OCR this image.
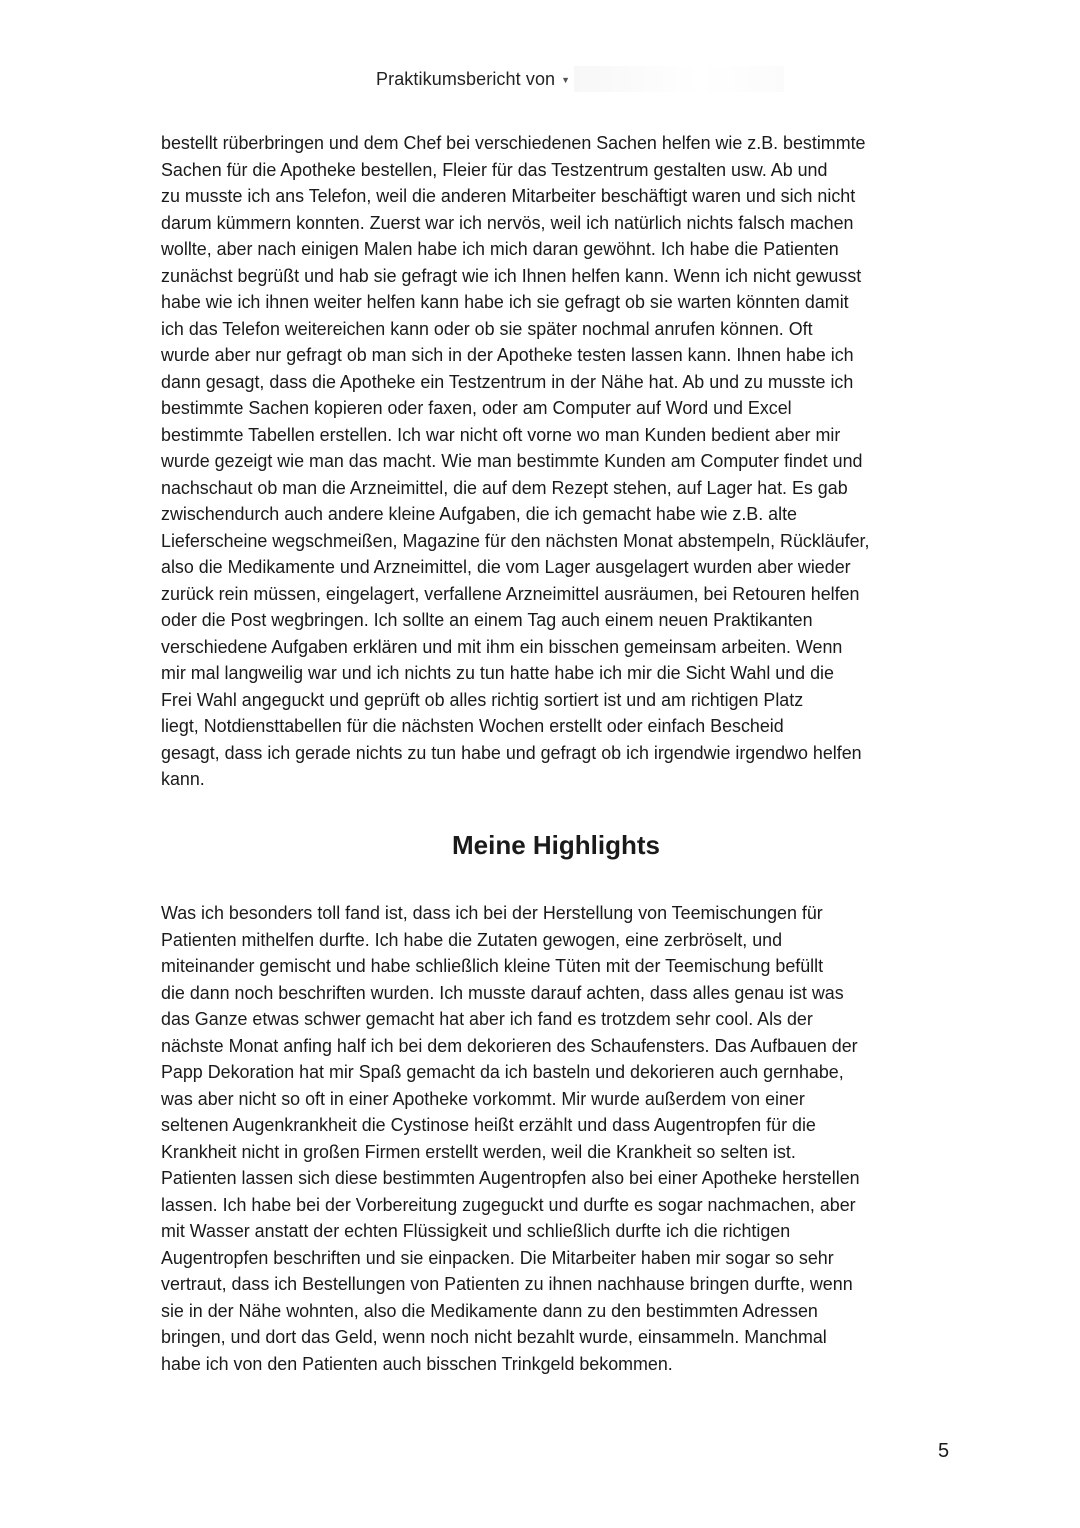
Praktikumsbericht von ▼
bestellt rüberbringen und dem Chef bei verschiedenen Sachen helfen wie z.B. bestimmte
Sachen für die Apotheke bestellen, Fleier für das Testzentrum gestalten usw. Ab und
zu musste ich ans Telefon, weil die anderen Mitarbeiter beschäftigt waren und sich nicht
darum kümmern konnten. Zuerst war ich nervös, weil ich natürlich nichts falsch machen
wollte, aber nach einigen Malen habe ich mich daran gewöhnt. Ich habe die Patienten
zunächst begrüßt und hab sie gefragt wie ich Ihnen helfen kann. Wenn ich nicht gewusst
habe wie ich ihnen weiter helfen kann habe ich sie gefragt ob sie warten könnten damit
ich das Telefon weitereichen kann oder ob sie später nochmal anrufen können. Oft
wurde aber nur gefragt ob man sich in der Apotheke testen lassen kann. Ihnen habe ich
dann gesagt, dass die Apotheke ein Testzentrum in der Nähe hat. Ab und zu musste ich
bestimmte Sachen kopieren oder faxen, oder am Computer auf Word und Excel
bestimmte Tabellen erstellen. Ich war nicht oft vorne wo man Kunden bedient aber mir
wurde gezeigt wie man das macht. Wie man bestimmte Kunden am Computer findet und
nachschaut ob man die Arzneimittel, die auf dem Rezept stehen, auf Lager hat. Es gab
zwischendurch auch andere kleine Aufgaben, die ich gemacht habe wie z.B. alte
Lieferscheine wegschmeißen, Magazine für den nächsten Monat abstempeln, Rückläufer,
also die Medikamente und Arzneimittel, die vom Lager ausgelagert wurden aber wieder
zurück rein müssen, eingelagert, verfallene Arzneimittel ausräumen, bei Retouren helfen
oder die Post wegbringen. Ich sollte an einem Tag auch einem neuen Praktikanten
verschiedene Aufgaben erklären und mit ihm ein bisschen gemeinsam arbeiten. Wenn
mir mal langweilig war und ich nichts zu tun hatte habe ich mir die Sicht Wahl und die
Frei Wahl angeguckt und geprüft ob alles richtig sortiert ist und am richtigen Platz
liegt, Notdiensttabellen für die nächsten Wochen erstellt oder einfach Bescheid
gesagt, dass ich gerade nichts zu tun habe und gefragt ob ich irgendwie irgendwo helfen
kann.
Meine Highlights
Was ich besonders toll fand ist, dass ich bei der Herstellung von Teemischungen für
Patienten mithelfen durfte. Ich habe die Zutaten gewogen, eine zerbröselt, und
miteinander gemischt und habe schließlich kleine Tüten mit der Teemischung befüllt
die dann noch beschriften wurden. Ich musste darauf achten, dass alles genau ist was
das Ganze etwas schwer gemacht hat aber ich fand es trotzdem sehr cool. Als der
nächste Monat anfing half ich bei dem dekorieren des Schaufensters. Das Aufbauen der
Papp Dekoration hat mir Spaß gemacht da ich basteln und dekorieren auch gernhabe,
was aber nicht so oft in einer Apotheke vorkommt. Mir wurde außerdem von einer
seltenen Augenkrankheit die Cystinose heißt erzählt und dass Augentropfen für die
Krankheit nicht in großen Firmen erstellt werden, weil die Krankheit so selten ist.
Patienten lassen sich diese bestimmten Augentropfen also bei einer Apotheke herstellen
lassen. Ich habe bei der Vorbereitung zugeguckt und durfte es sogar nachmachen, aber
mit Wasser anstatt der echten Flüssigkeit und schließlich durfte ich die richtigen
Augentropfen beschriften und sie einpacken. Die Mitarbeiter haben mir sogar so sehr
vertraut, dass ich Bestellungen von Patienten zu ihnen nachhause bringen durfte, wenn
sie in der Nähe wohnten, also die Medikamente dann zu den bestimmten Adressen
bringen, und dort das Geld, wenn noch nicht bezahlt wurde, einsammeln. Manchmal
habe ich von den Patienten auch bisschen Trinkgeld bekommen.
5
